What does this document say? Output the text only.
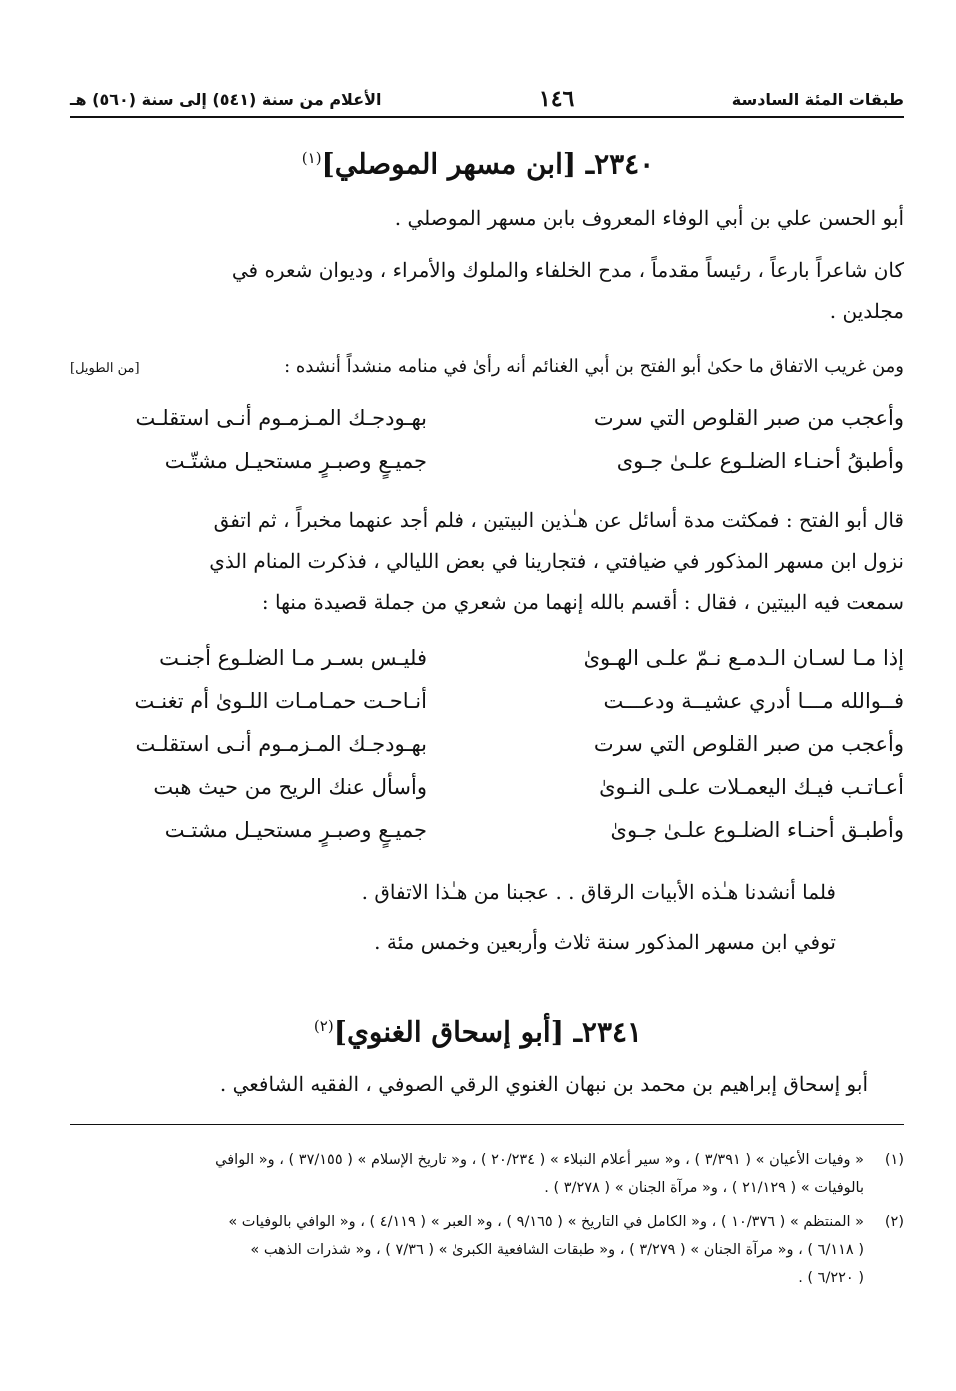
طبقات المئة السادسة
١٤٦
الأعلام من سنة (٥٤١) إلى سنة (٥٦٠) هـ
٢٣٤٠ـ [ابن مسهر الموصلي]$^{(١)}$
أبو الحسن علي بن أبي الوفاء المعروف بابن مسهر الموصلي .
كان شاعراً بارعاً ، رئيساً مقدماً ، مدح الخلفاء والملوك والأمراء ، وديوان شعره في
مجلدين .
ومن غريب الاتفاق ما حكىٰ أبو الفتح بن أبي الغنائم أنه رأىٰ في منامه منشداً أنشده :
[من الطويل]
وأعجب من صبر القلوص التي سرت
بهـودجـك المـزمـوم أنـى استقلـت
وأطبقُ أحنـاء الضلـوع علـىٰ جـوى
جميـعٍ وصبـرٍ مستحيـل مشتّـت
قال أبو الفتح : فمكثت مدة أسائل عن هـٰذين البيتين ، فلم أجد عنهما مخبراً ، ثم اتفق
نزول ابن مسهر المذكور في ضيافتي ، فتجارينا في بعض الليالي ، فذكرت المنام الذي
سمعت فيه البيتين ، فقال : أقسم بالله إنهما من شعري من جملة قصيدة منها :
إذا مـا لسـان الـدمـع نـمّ علـى الهـوىٰ
فليـس بسـر مـا الضلـوع أجنـت
فــوالله مـــا أدري عشيــة ودعـــت
أنـاحـت حمـامـات اللـوىٰ أم تغنـت
وأعجب من صبر القلوص التي سرت
بهـودجـك المـزمـوم أنـى استقلـت
أعـاتـب فيـك اليعمـلات علـى النـوىٰ
وأسأل عنك الريح من حيث هبت
وأطبـق أحنـاء الضلـوع علـىٰ جـوىٰ
جميـعٍ وصبـرٍ مستحيـل مشتـت
فلما أنشدنا هـٰذه الأبيات الرقاق . . عجبنا من هـٰذا الاتفاق .
توفي ابن مسهر المذكور سنة ثلاث وأربعين وخمس مئة .
٢٣٤١ـ [أبو إسحاق الغنوي]$^{(٢)}$
أبو إسحاق إبراهيم بن محمد بن نبهان الغنوي الرقي الصوفي ، الفقيه الشافعي .
(١)« وفيات الأعيان » ( ٣/٣٩١ ) ، و« سير أعلام النبلاء » ( ٢٠/٢٣٤ ) ، و« تاريخ الإسلام » ( ٣٧/١٥٥ ) ، و« الوافي
بالوفيات » ( ٢١/١٢٩ ) ، و« مرآة الجنان » ( ٣/٢٧٨ ) .
(٢)« المنتظم » ( ١٠/٣٧٦ ) ، و« الكامل في التاريخ » ( ٩/١٦٥ ) ، و« العبر » ( ٤/١١٩ ) ، و« الوافي بالوفيات »
( ٦/١١٨ ) ، و« مرآة الجنان » ( ٣/٢٧٩ ) ، و« طبقات الشافعية الكبرىٰ » ( ٧/٣٦ ) ، و« شذرات الذهب »
( ٦/٢٢٠ ) .
